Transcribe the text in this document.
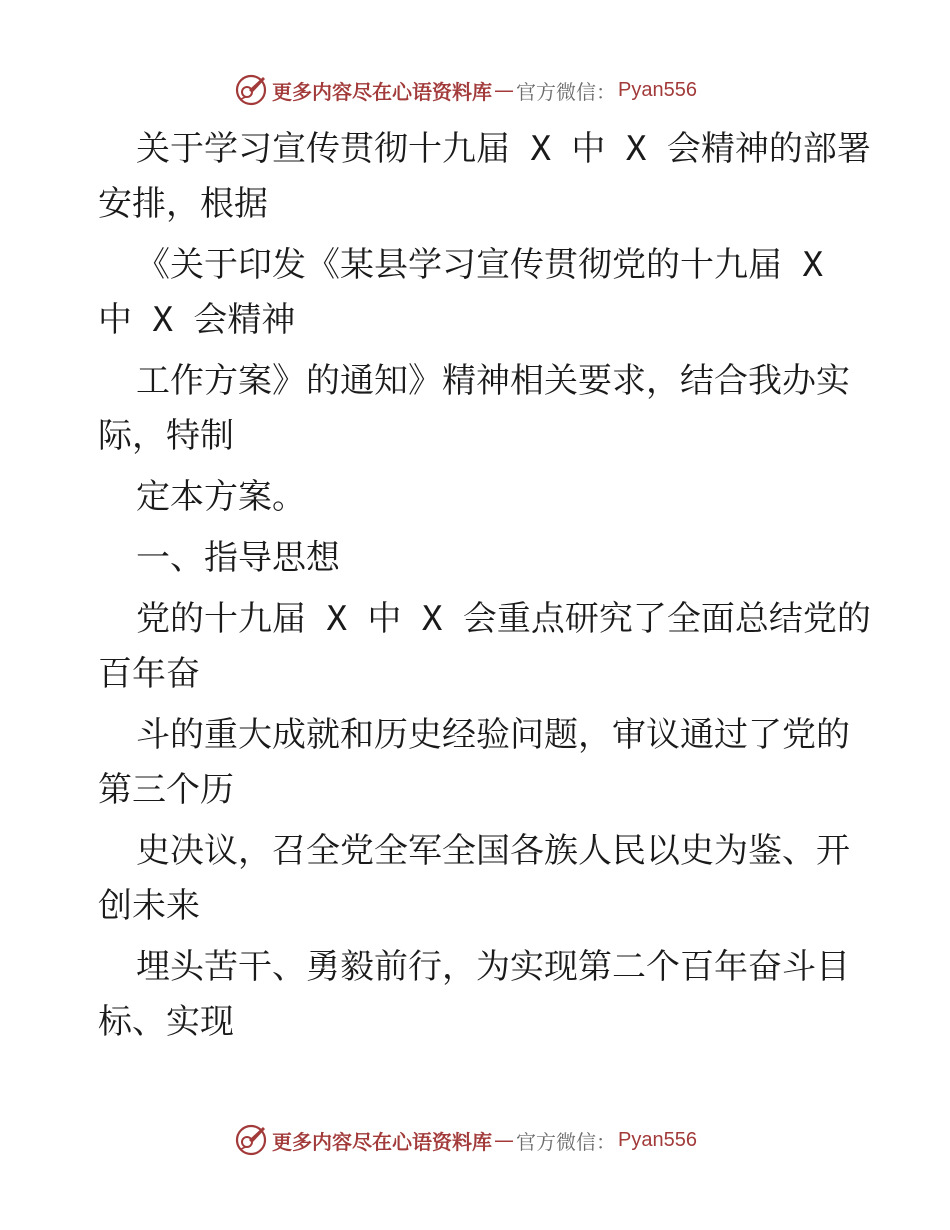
更多内容尽在心语资料库 — 官方微信： Pyan556
关于学习宣传贯彻十九届 X 中 X 会精神的部署
安排，根据
《关于印发《某县学习宣传贯彻党的十九届 X
中 X 会精神
工作方案》的通知》精神相关要求，结合我办实
际，特制
定本方案。
一、指导思想
党的十九届 X 中 X 会重点研究了全面总结党的
百年奋
斗的重大成就和历史经验问题，审议通过了党的
第三个历
史决议，召全党全军全国各族人民以史为鉴、开
创未来
埋头苦干、勇毅前行，为实现第二个百年奋斗目
标、实现
更多内容尽在心语资料库 — 官方微信： Pyan556
